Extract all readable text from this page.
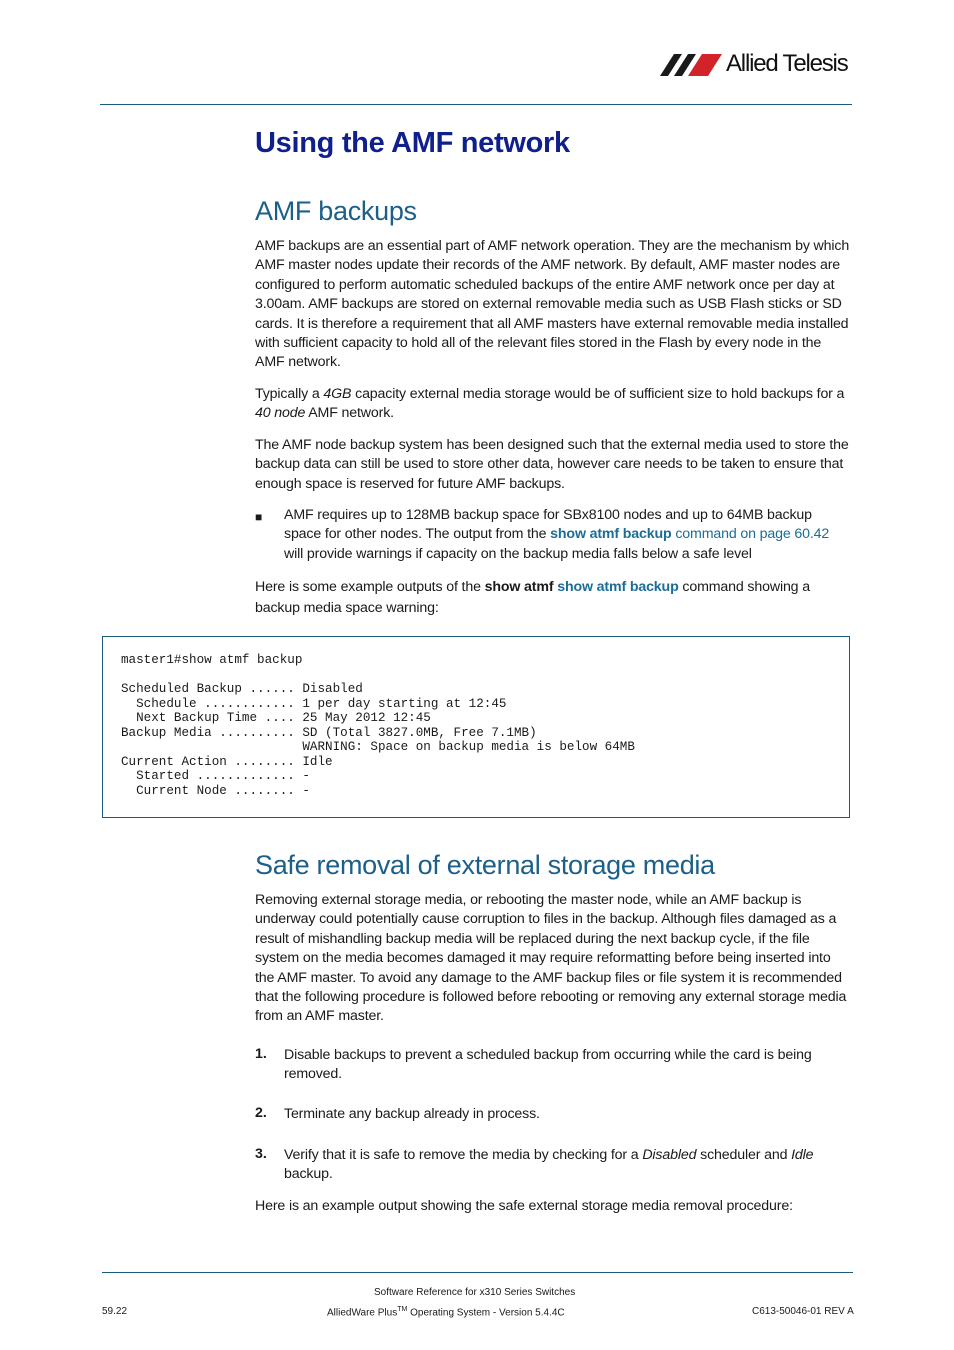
Allied Telesis
Using the AMF network
AMF backups

AMF backups are an essential part of AMF network operation. They are the mechanism by which AMF master nodes update their records of the AMF network. By default, AMF master nodes are configured to perform automatic scheduled backups of the entire AMF network once per day at 3.00am. AMF backups are stored on external removable media such as USB Flash sticks or SD cards. It is therefore a requirement that all AMF masters have external removable media installed with sufficient capacity to hold all of the relevant files stored in the Flash by every node in the AMF network.

Typically a 4GB capacity external media storage would be of sufficient size to hold backups for a 40 node AMF network.

The AMF node backup system has been designed such that the external media used to store the backup data can still be used to store other data, however care needs to be taken to ensure that enough space is reserved for future AMF backups.

■ AMF requires up to 128MB backup space for SBx8100 nodes and up to 64MB backup space for other nodes. The output from the show atmf backup command on page 60.42 will provide warnings if capacity on the backup media falls below a safe level

Here is some example outputs of the show atmf show atmf backup command showing a backup media space warning:

master1#show atmf backup

Scheduled Backup ...... Disabled
Schedule ............ 1 per day starting at 12:45
Next Backup Time .... 25 May 2012 12:45
Backup Media .......... SD (Total 3827.0MB, Free 7.1MB)
WARNING: Space on backup media is below 64MB
Current Action ........ Idle
Started ............. -
Current Node ........ -
Safe removal of external storage media

Removing external storage media, or rebooting the master node, while an AMF backup is underway could potentially cause corruption to files in the backup. Although files damaged as a result of mishandling backup media will be replaced during the next backup cycle, if the file system on the media becomes damaged it may require reformatting before being inserted into the AMF master. To avoid any damage to the AMF backup files or file system it is recommended that the following procedure is followed before rebooting or removing any external storage media from an AMF master.

1. Disable backups to prevent a scheduled backup from occurring while the card is being removed.

2. Terminate any backup already in process.

3. Verify that it is safe to remove the media by checking for a Disabled scheduler and Idle backup.

Here is an example output showing the safe external storage media removal procedure:

Software Reference for x310 Series Switches
59.22	AlliedWare Plus™ Operating System - Version 5.4.4C	C613-50046-01 REV A
